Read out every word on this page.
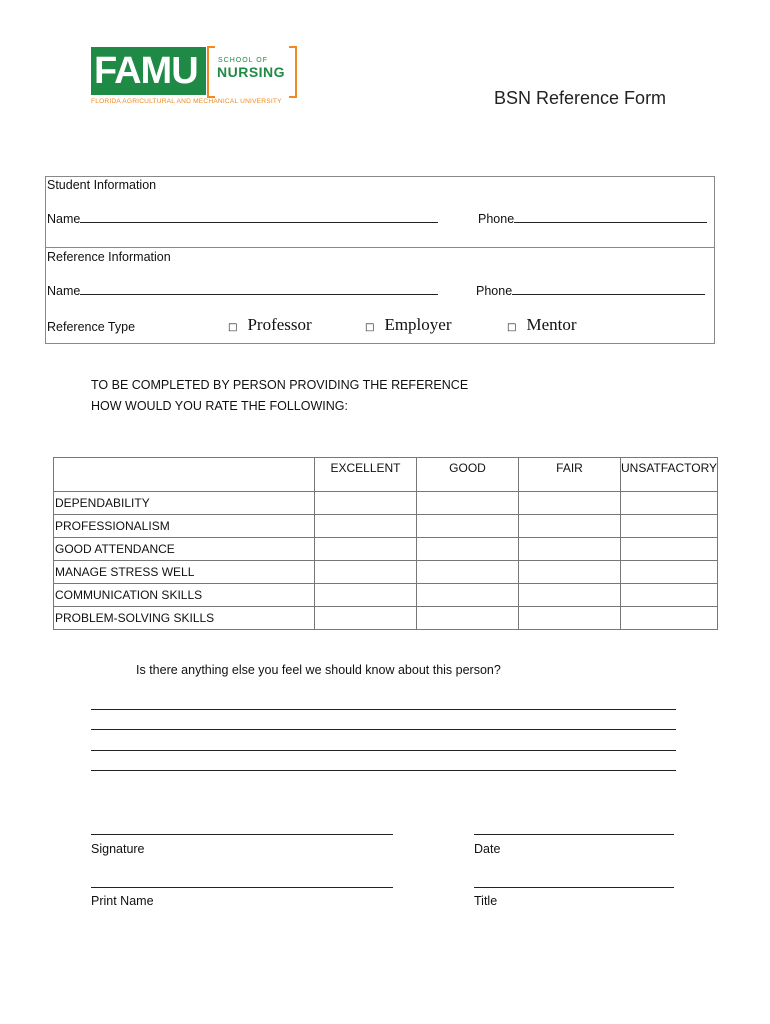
FAMU	SCHOOL OF
NURSING
FLORIDA AGRICULTURAL AND MECHANICAL UNIVERSITY	BSN Reference Form
Student Information
Name	Phone
Reference Information
Name	Phone
Reference Type	□ Professor	□ Employer	□ Mentor
TO BE COMPLETED BY PERSON PROVIDING THE REFERENCE
HOW WOULD YOU RATE THE FOLLOWING:
	EXCELLENT	GOOD	FAIR	UNSATFACTORY
DEPENDABILITY				
PROFESSIONALISM				
GOOD ATTENDANCE				
MANAGE STRESS WELL				
COMMUNICATION SKILLS				
PROBLEM-SOLVING SKILLS				
Is there anything else you feel we should know about this person?
Signature	Date
Print Name	Title
